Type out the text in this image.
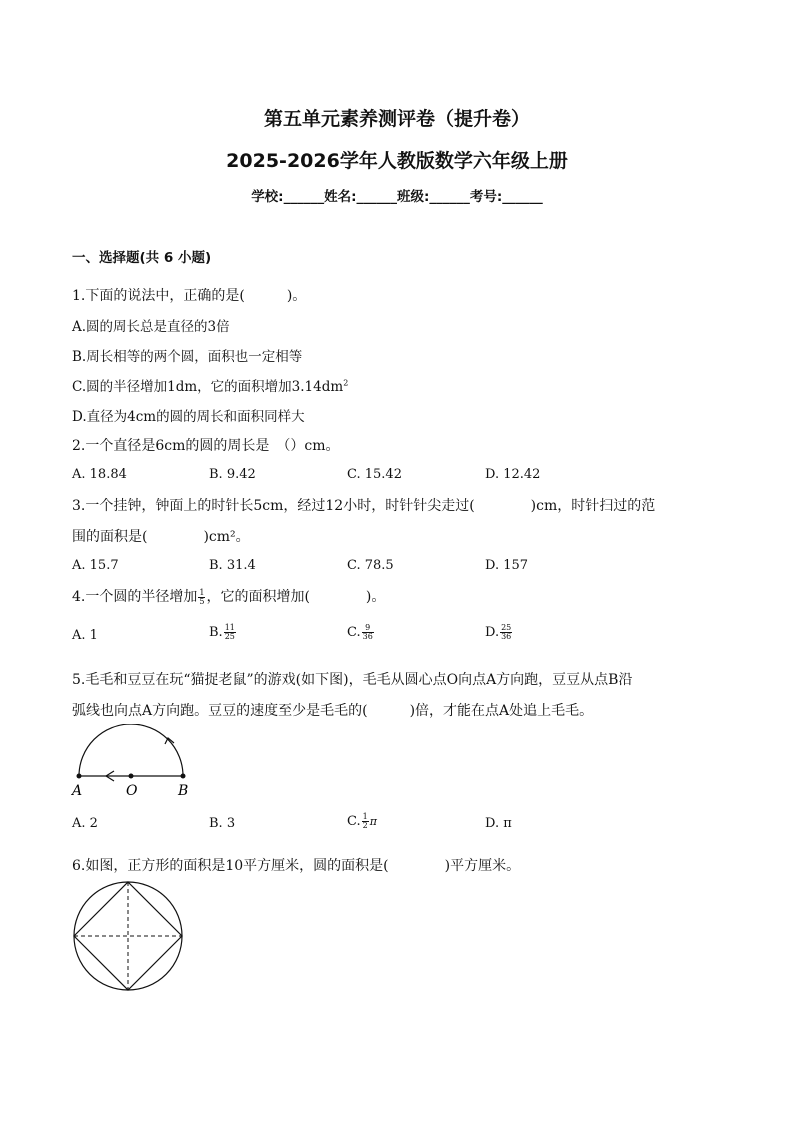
第五单元素养测评卷（提升卷）
2025-2026学年人教版数学六年级上册
学校:______姓名:______班级:______考号:______
一、选择题(共 6 小题)
1.下面的说法中，正确的是(　　　)。
A.圆的周长总是直径的3倍
B.周长相等的两个圆，面积也一定相等
C.圆的半径增加1dm，它的面积增加$3.14dm^2$
D.直径为4cm的圆的周长和面积同样大
2.一个直径是6cm的圆的周长是　（）cm。
A. 18.84	B. 9.42	C. 15.42	D. 12.42
3.一个挂钟，钟面上的时针长5cm，经过12小时，时针针尖走过(　　　　)cm，时针扫过的范
围的面积是(　　　　)cm²。
A. 15.7	B. 31.4	C. 78.5	D. 157
4.一个圆的半径增加 $\frac{1}{5}$ ，它的面积增加(　　　　)。
A. 1	B. $\frac{11}{25}$	C. $\frac{9}{36}$	D. $\frac{25}{36}$
5.毛毛和豆豆在玩“猫捉老鼠”的游戏(如下图)，毛毛从圆心点O向点A方向跑，豆豆从点B沿
弧线也向点A方向跑。豆豆的速度至少是毛毛的(　　　)倍，才能在点A处追上毛毛。
A	O	B
A. 2	B. 3	C. $\frac{1}{2}$ π	D. π
6.如图，正方形的面积是10平方厘米，圆的面积是(　　　　)平方厘米。
